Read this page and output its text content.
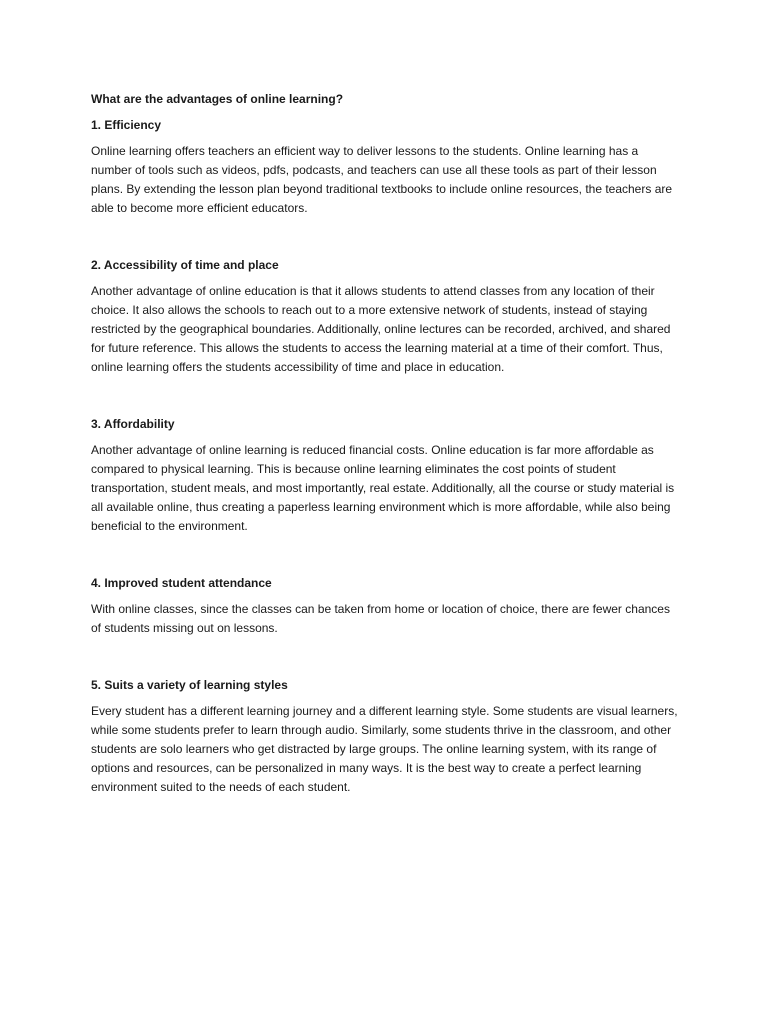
What are the advantages of online learning?

1. Efficiency

Online learning offers teachers an efficient way to deliver lessons to the students. Online learning has a number of tools such as videos, pdfs, podcasts, and teachers can use all these tools as part of their lesson plans. By extending the lesson plan beyond traditional textbooks to include online resources, the teachers are able to become more efficient educators.

2. Accessibility of time and place

Another advantage of online education is that it allows students to attend classes from any location of their choice. It also allows the schools to reach out to a more extensive network of students, instead of staying restricted by the geographical boundaries. Additionally, online lectures can be recorded, archived, and shared for future reference. This allows the students to access the learning material at a time of their comfort. Thus, online learning offers the students accessibility of time and place in education.

3. Affordability

Another advantage of online learning is reduced financial costs. Online education is far more affordable as compared to physical learning. This is because online learning eliminates the cost points of student transportation, student meals, and most importantly, real estate. Additionally, all the course or study material is all available online, thus creating a paperless learning environment which is more affordable, while also being beneficial to the environment.

4. Improved student attendance

With online classes, since the classes can be taken from home or location of choice, there are fewer chances of students missing out on lessons.

5. Suits a variety of learning styles

Every student has a different learning journey and a different learning style. Some students are visual learners, while some students prefer to learn through audio. Similarly, some students thrive in the classroom, and other students are solo learners who get distracted by large groups. The online learning system, with its range of options and resources, can be personalized in many ways. It is the best way to create a perfect learning environment suited to the needs of each student.
